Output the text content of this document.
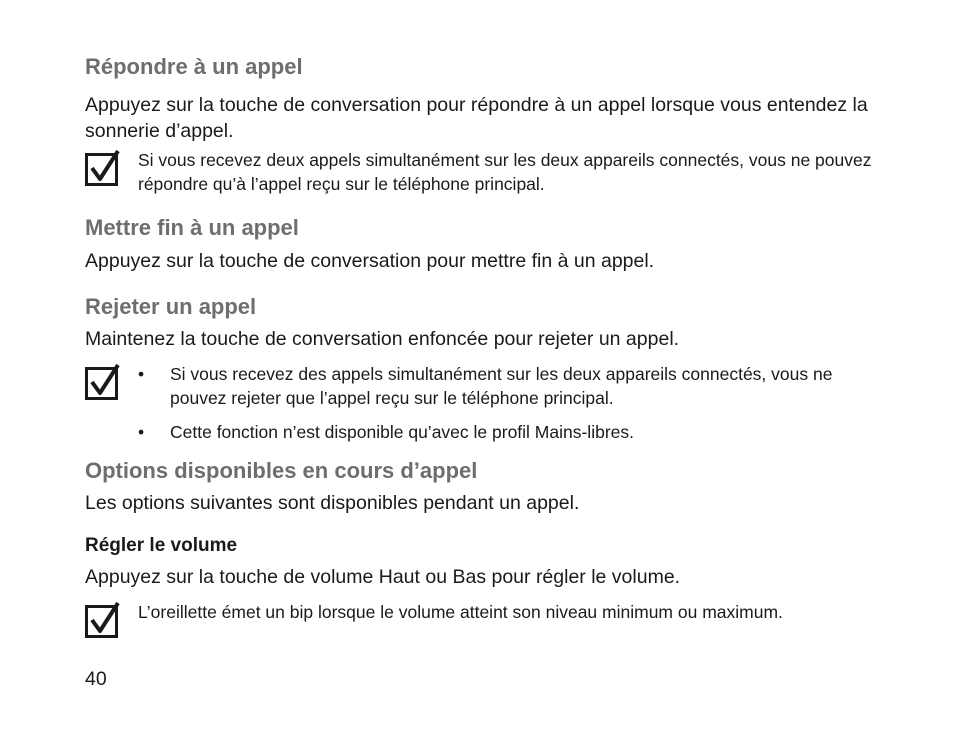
Répondre à un appel

Appuyez sur la touche de conversation pour répondre à un appel lorsque vous entendez la sonnerie d’appel.

Si vous recevez deux appels simultanément sur les deux appareils connectés, vous ne pouvez répondre qu’à l’appel reçu sur le téléphone principal.
Mettre fin à un appel

Appuyez sur la touche de conversation pour mettre fin à un appel.

Rejeter un appel

Maintenez la touche de conversation enfoncée pour rejeter un appel.

• Si vous recevez des appels simultanément sur les deux appareils connectés, vous ne pouvez rejeter que l’appel reçu sur le téléphone principal.
• Cette fonction n’est disponible qu’avec le profil Mains-libres.
Options disponibles en cours d’appel

Les options suivantes sont disponibles pendant un appel.

Régler le volume

Appuyez sur la touche de volume Haut ou Bas pour régler le volume.

L’oreillette émet un bip lorsque le volume atteint son niveau minimum ou maximum.
40
